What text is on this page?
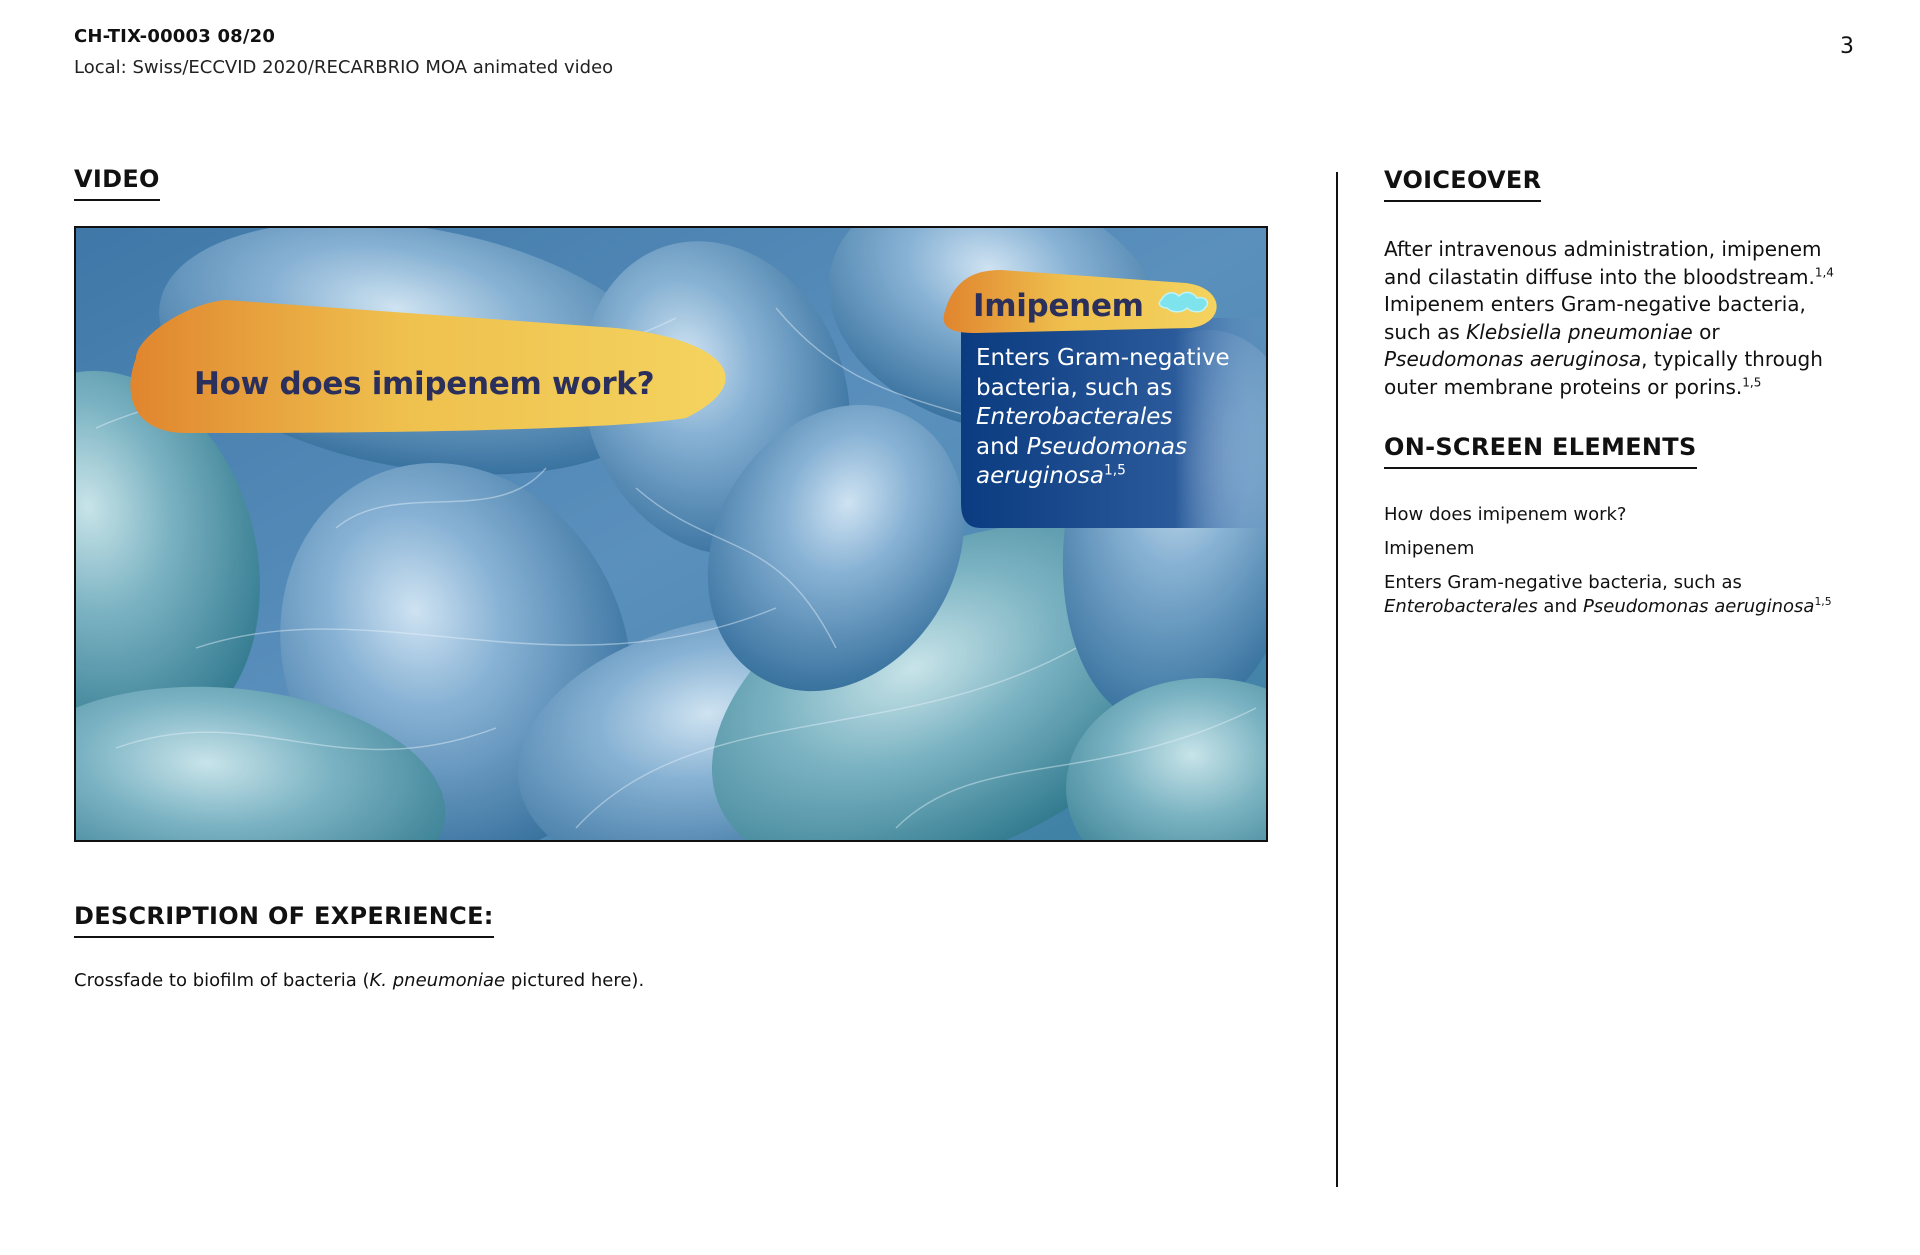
CH-TIX-00003 08/20
Local: Swiss/ECCVID 2020/RECARBRIO MOA animated video
3
VIDEO
How does imipenem work?
Imipenem
Enters Gram-negative
bacteria, such as
Enterobacterales
and Pseudomonas
aeruginosa$^{1,5}$
VOICEOVER
After intravenous administration, imipenem and cilastatin diffuse into the bloodstream.$^{1,4}$ Imipenem enters Gram-negative bacteria, such as Klebsiella pneumoniae or Pseudomonas aeruginosa, typically through outer membrane proteins or porins.$^{1,5}$
ON-SCREEN ELEMENTS
How does imipenem work?
Imipenem
Enters Gram-negative bacteria, such as
Enterobacterales and Pseudomonas aeruginosa$^{1,5}$
DESCRIPTION OF EXPERIENCE:
Crossfade to biofilm of bacteria (K. pneumoniae pictured here).
